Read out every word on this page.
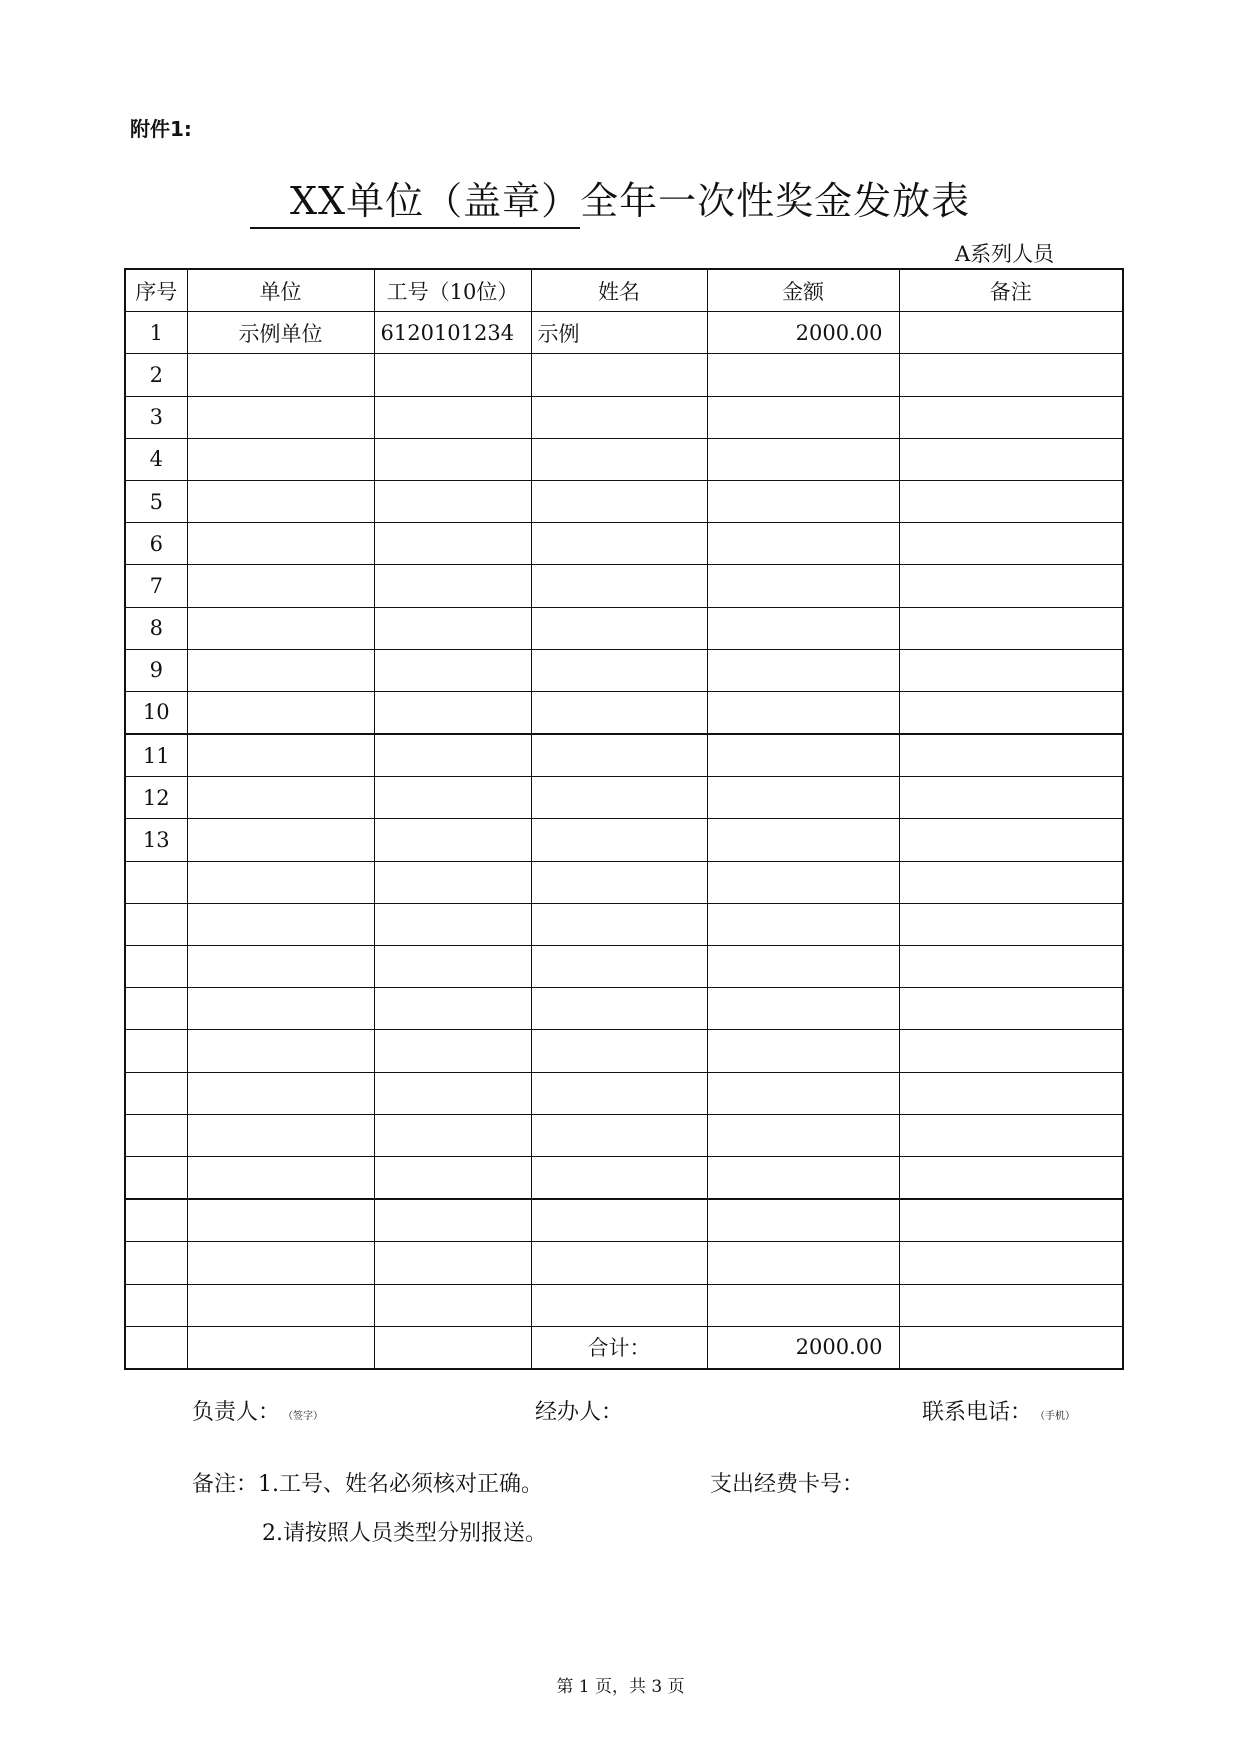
附件1:
XX单位（盖章）全年一次性奖金发放表
A系列人员
序号	单位	工号（10位）	姓名	金额	备注
1	示例单位	6120101234	示例	2000.00	
2					
3					
4					
5					
6					
7					
8					
9					
10					
11					
12					
13					

			合计：	2000.00	
负责人： （签字）	经办人：	联系电话： （手机）
备注：1.工号、姓名必须核对正确。	支出经费卡号：
2.请按照人员类型分别报送。
第 1 页，共 3 页
